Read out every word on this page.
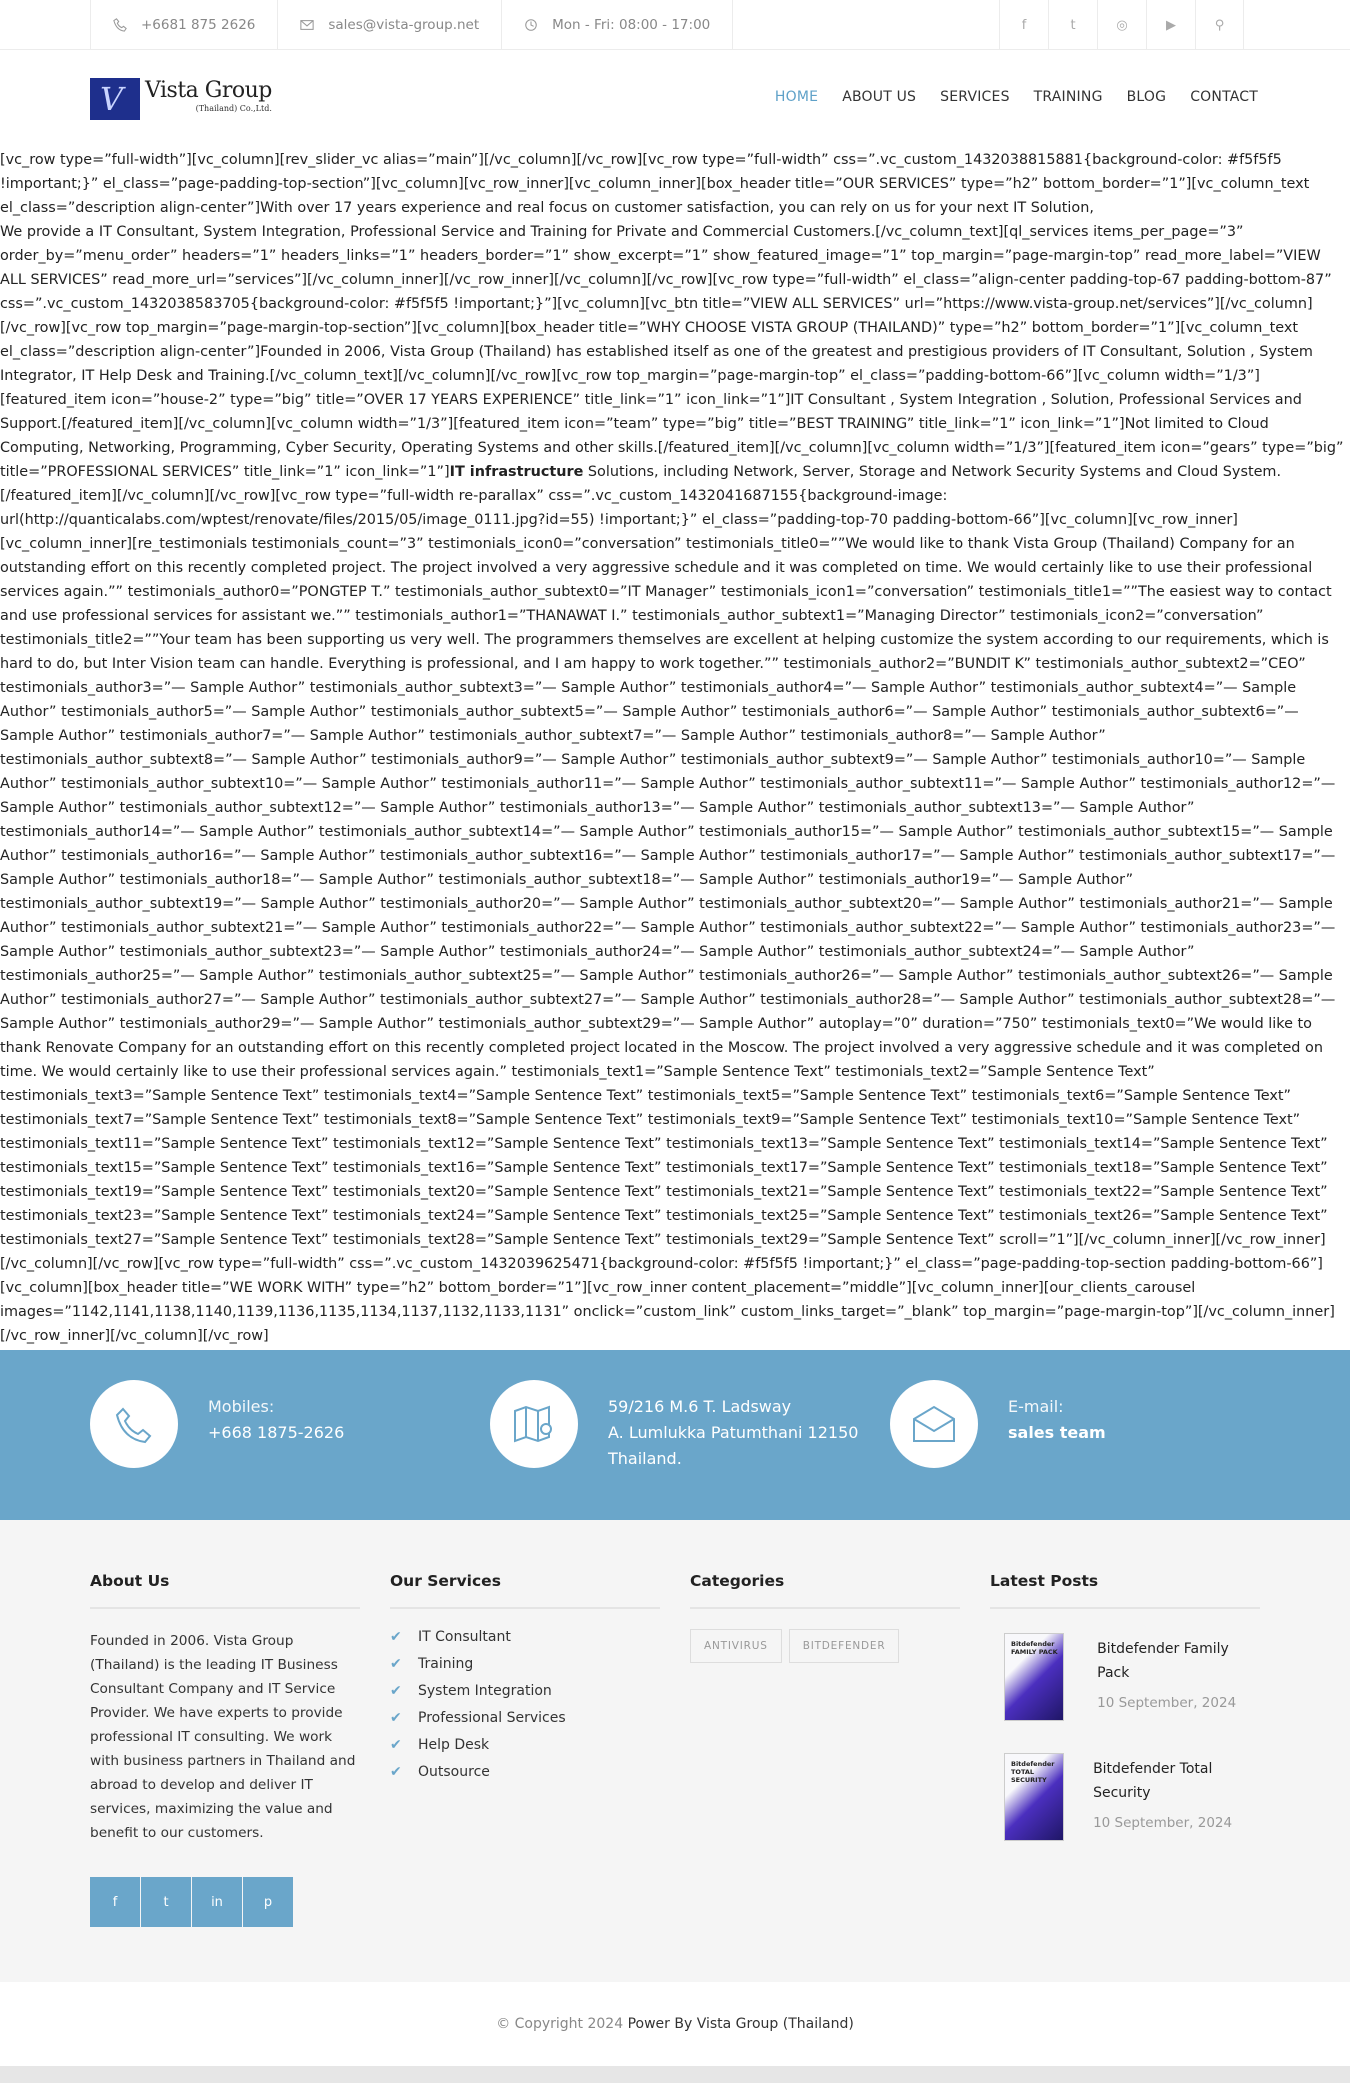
+6681 875 2626	sales@vista-group.net	Mon - Fri: 08:00 - 17:00	f	t	◎	▶	⚲
V Vista Group
(Thailand) Co.,Ltd.
HOME ABOUT US SERVICES TRAINING BLOG CONTACT
[vc_row type=”full-width”][vc_column][rev_slider_vc alias=”main”][/vc_column][/vc_row][vc_row type=”full-width” css=”.vc_custom_1432038815881{background-color: #f5f5f5 !important;}” el_class=”page-padding-top-section”][vc_column][vc_row_inner][vc_column_inner][box_header title=”OUR SERVICES” type=”h2” bottom_border=”1”][vc_column_text el_class=”description align-center”]With over 17 years experience and real focus on customer satisfaction, you can rely on us for your next IT Solution,
We provide a IT Consultant, System Integration, Professional Service and Training for Private and Commercial Customers.[/vc_column_text][ql_services items_per_page=”3” order_by=”menu_order” headers=”1” headers_links=”1” headers_border=”1” show_excerpt=”1” show_featured_image=”1” top_margin=”page-margin-top” read_more_label=”VIEW ALL SERVICES” read_more_url=”services”][/vc_column_inner][/vc_row_inner][/vc_column][/vc_row][vc_row type=”full-width” el_class=”align-center padding-top-67 padding-bottom-87” css=”.vc_custom_1432038583705{background-color: #f5f5f5 !important;}”][vc_column][vc_btn title=”VIEW ALL SERVICES” url=”https://www.vista-group.net/services”][/vc_column][/vc_row][vc_row top_margin=”page-margin-top-section”][vc_column][box_header title=”WHY CHOOSE VISTA GROUP (THAILAND)” type=”h2” bottom_border=”1”][vc_column_text el_class=”description align-center”]Founded in 2006, Vista Group (Thailand) has established itself as one of the greatest and prestigious providers of IT Consultant, Solution , System Integrator, IT Help Desk and Training.[/vc_column_text][/vc_column][/vc_row][vc_row top_margin=”page-margin-top” el_class=”padding-bottom-66”][vc_column width=”1/3”][featured_item icon=”house-2” type=”big” title=”OVER 17 YEARS EXPERIENCE” title_link=”1” icon_link=”1”]IT Consultant , System Integration , Solution, Professional Services and Support.[/featured_item][/vc_column][vc_column width=”1/3”][featured_item icon=”team” type=”big” title=”BEST TRAINING” title_link=”1” icon_link=”1”]Not limited to Cloud Computing, Networking, Programming, Cyber Security, Operating Systems and other skills.[/featured_item][/vc_column][vc_column width=”1/3”][featured_item icon=”gears” type=”big” title=”PROFESSIONAL SERVICES” title_link=”1” icon_link=”1”]IT infrastructure Solutions, including Network, Server, Storage and Network Security Systems and Cloud System.[/featured_item][/vc_column][/vc_row][vc_row type=”full-width re-parallax” css=”.vc_custom_1432041687155{background-image: url(http://quanticalabs.com/wptest/renovate/files/2015/05/image_0111.jpg?id=55) !important;}” el_class=”padding-top-70 padding-bottom-66”][vc_column][vc_row_inner][vc_column_inner][re_testimonials testimonials_count=”3” testimonials_icon0=”conversation” testimonials_title0=””We would like to thank Vista Group (Thailand) Company for an outstanding effort on this recently completed project. The project involved a very aggressive schedule and it was completed on time. We would certainly like to use their professional services again.”” testimonials_author0=”PONGTEP T.” testimonials_author_subtext0=”IT Manager” testimonials_icon1=”conversation” testimonials_title1=””The easiest way to contact and use professional services for assistant we.”” testimonials_author1=”THANAWAT I.” testimonials_author_subtext1=”Managing Director” testimonials_icon2=”conversation” testimonials_title2=””Your team has been supporting us very well. The programmers themselves are excellent at helping customize the system according to our requirements, which is hard to do, but Inter Vision team can handle. Everything is professional, and I am happy to work together.”” testimonials_author2=”BUNDIT K” testimonials_author_subtext2=”CEO” testimonials_author3=”— Sample Author” testimonials_author_subtext3=”— Sample Author” testimonials_author4=”— Sample Author” testimonials_author_subtext4=”— Sample Author” testimonials_author5=”— Sample Author” testimonials_author_subtext5=”— Sample Author” testimonials_author6=”— Sample Author” testimonials_author_subtext6=”— Sample Author” testimonials_author7=”— Sample Author” testimonials_author_subtext7=”— Sample Author” testimonials_author8=”— Sample Author” testimonials_author_subtext8=”— Sample Author” testimonials_author9=”— Sample Author” testimonials_author_subtext9=”— Sample Author” testimonials_author10=”— Sample Author” testimonials_author_subtext10=”— Sample Author” testimonials_author11=”— Sample Author” testimonials_author_subtext11=”— Sample Author” testimonials_author12=”— Sample Author” testimonials_author_subtext12=”— Sample Author” testimonials_author13=”— Sample Author” testimonials_author_subtext13=”— Sample Author” testimonials_author14=”— Sample Author” testimonials_author_subtext14=”— Sample Author” testimonials_author15=”— Sample Author” testimonials_author_subtext15=”— Sample Author” testimonials_author16=”— Sample Author” testimonials_author_subtext16=”— Sample Author” testimonials_author17=”— Sample Author” testimonials_author_subtext17=”— Sample Author” testimonials_author18=”— Sample Author” testimonials_author_subtext18=”— Sample Author” testimonials_author19=”— Sample Author” testimonials_author_subtext19=”— Sample Author” testimonials_author20=”— Sample Author” testimonials_author_subtext20=”— Sample Author” testimonials_author21=”— Sample Author” testimonials_author_subtext21=”— Sample Author” testimonials_author22=”— Sample Author” testimonials_author_subtext22=”— Sample Author” testimonials_author23=”— Sample Author” testimonials_author_subtext23=”— Sample Author” testimonials_author24=”— Sample Author” testimonials_author_subtext24=”— Sample Author” testimonials_author25=”— Sample Author” testimonials_author_subtext25=”— Sample Author” testimonials_author26=”— Sample Author” testimonials_author_subtext26=”— Sample Author” testimonials_author27=”— Sample Author” testimonials_author_subtext27=”— Sample Author” testimonials_author28=”— Sample Author” testimonials_author_subtext28=”— Sample Author” testimonials_author29=”— Sample Author” testimonials_author_subtext29=”— Sample Author” autoplay=”0” duration=”750” testimonials_text0=”We would like to thank Renovate Company for an outstanding effort on this recently completed project located in the Moscow. The project involved a very aggressive schedule and it was completed on time. We would certainly like to use their professional services again.” testimonials_text1=”Sample Sentence Text” testimonials_text2=”Sample Sentence Text” testimonials_text3=”Sample Sentence Text” testimonials_text4=”Sample Sentence Text” testimonials_text5=”Sample Sentence Text” testimonials_text6=”Sample Sentence Text” testimonials_text7=”Sample Sentence Text” testimonials_text8=”Sample Sentence Text” testimonials_text9=”Sample Sentence Text” testimonials_text10=”Sample Sentence Text” testimonials_text11=”Sample Sentence Text” testimonials_text12=”Sample Sentence Text” testimonials_text13=”Sample Sentence Text” testimonials_text14=”Sample Sentence Text” testimonials_text15=”Sample Sentence Text” testimonials_text16=”Sample Sentence Text” testimonials_text17=”Sample Sentence Text” testimonials_text18=”Sample Sentence Text” testimonials_text19=”Sample Sentence Text” testimonials_text20=”Sample Sentence Text” testimonials_text21=”Sample Sentence Text” testimonials_text22=”Sample Sentence Text” testimonials_text23=”Sample Sentence Text” testimonials_text24=”Sample Sentence Text” testimonials_text25=”Sample Sentence Text” testimonials_text26=”Sample Sentence Text” testimonials_text27=”Sample Sentence Text” testimonials_text28=”Sample Sentence Text” testimonials_text29=”Sample Sentence Text” scroll=”1”][/vc_column_inner][/vc_row_inner][/vc_column][/vc_row][vc_row type=”full-width” css=”.vc_custom_1432039625471{background-color: #f5f5f5 !important;}” el_class=”page-padding-top-section padding-bottom-66”][vc_column][box_header title=”WE WORK WITH” type=”h2” bottom_border=”1”][vc_row_inner content_placement=”middle”][vc_column_inner][our_clients_carousel images=”1142,1141,1138,1140,1139,1136,1135,1134,1137,1132,1133,1131” onclick=”custom_link” custom_links_target=”_blank” top_margin=”page-margin-top”][/vc_column_inner][/vc_row_inner][/vc_column][/vc_row]
Mobiles:
+668 1875-2626
59/216 M.6 T. Ladsway
A. Lumlukka Patumthani 12150
Thailand.
E-mail:
sales team
About Us

Founded in 2006. Vista Group (Thailand) is the leading IT Business Consultant Company and IT Service Provider. We have experts to provide professional IT consulting. We work with business partners in Thailand and abroad to develop and deliver IT services, maximizing the value and benefit to our customers.

f	t	in	p
Our Services
✔ IT Consultant
✔ Training
✔ System Integration
✔ Professional Services
✔ Help Desk
✔ Outsource
Categories
ANTIVIRUS	BITDEFENDER
Latest Posts
Bitdefender FAMILY PACK	Bitdefender Family Pack
10 September, 2024
Bitdefender TOTAL SECURITY
Bitdefender Total Security
10 September, 2024
© Copyright 2024 Power By Vista Group (Thailand)
